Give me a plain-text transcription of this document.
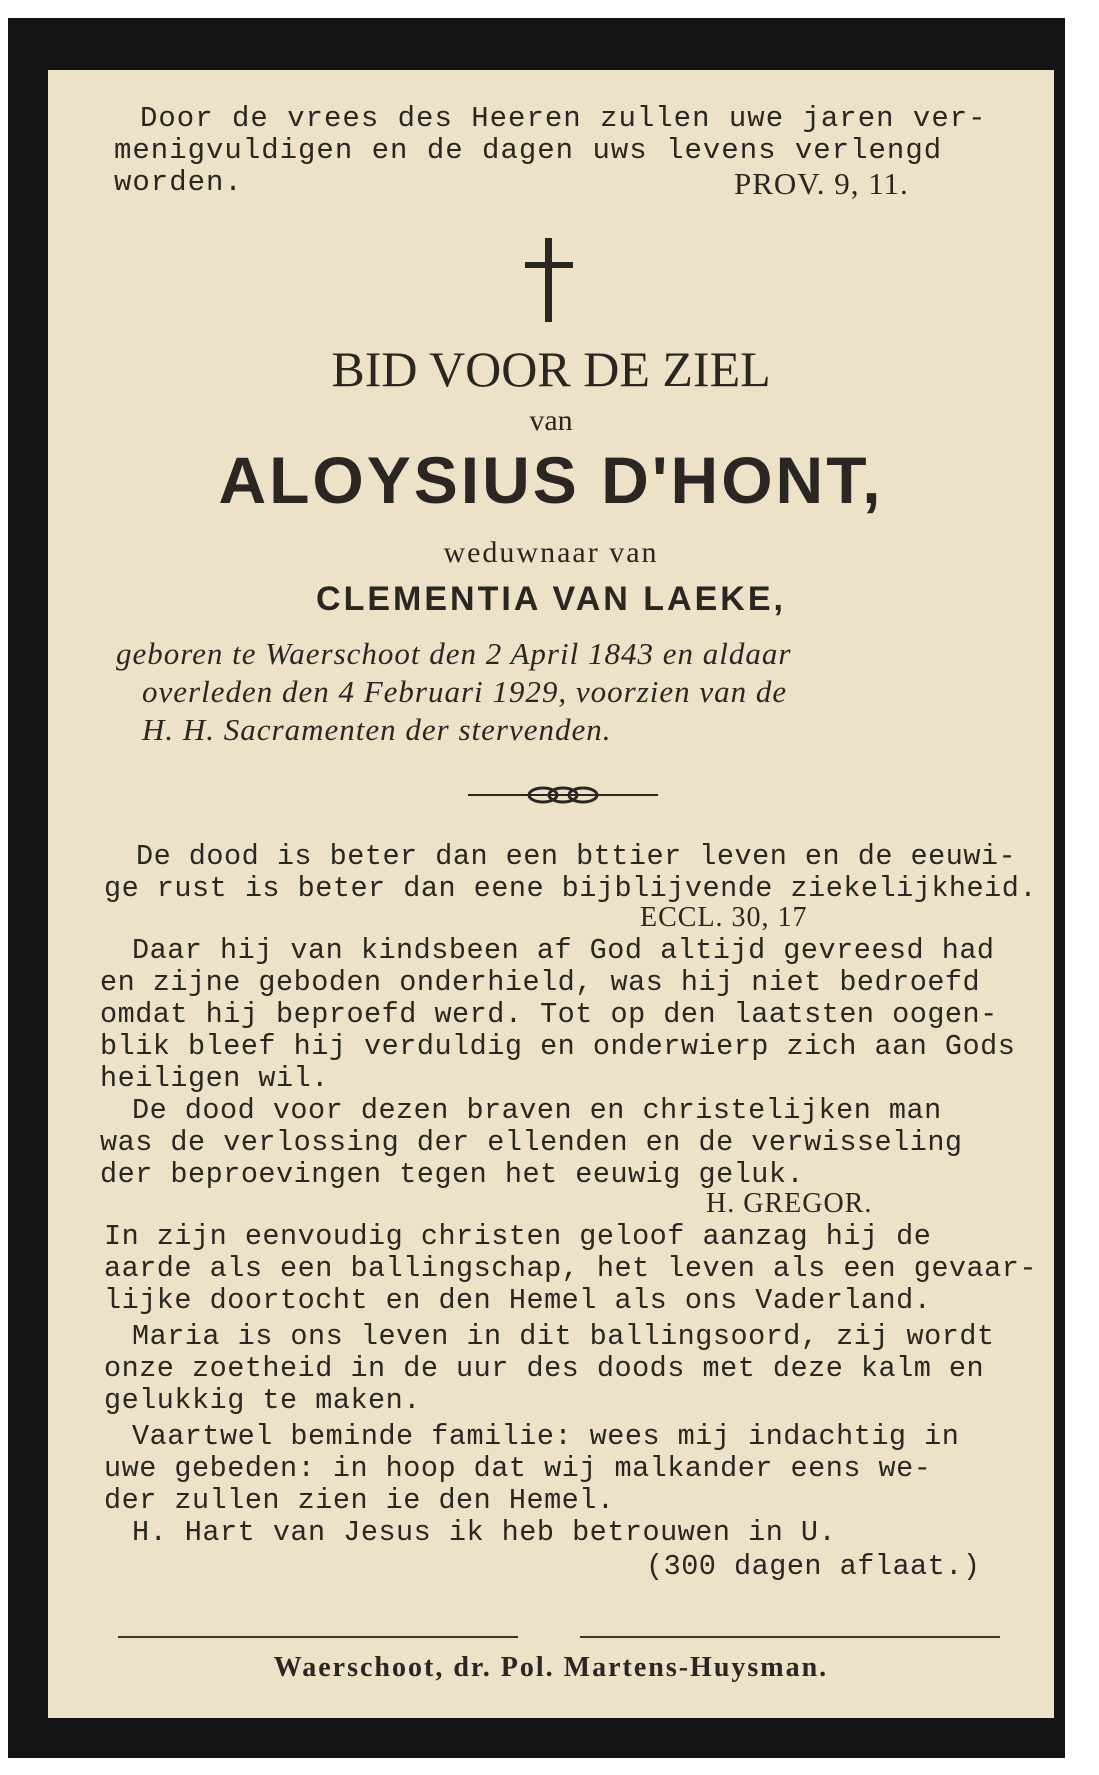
Door de vrees des Heeren zullen uwe jaren ver-
menigvuldigen en de dagen uws levens verlengd
worden.	PROV. 9, 11.
BID VOOR DE ZIEL
van
ALOYSIUS D'HONT,
weduwnaar van
CLEMENTIA VAN LAEKE,
geboren te Waerschoot den 2 April 1843 en aldaar
overleden den 4 Februari 1929, voorzien van de
H. H. Sacramenten der stervenden.
De dood is beter dan een bttier leven en de eeuwi-
ge rust is beter dan eene bijblijvende ziekelijkheid.
ECCL. 30, 17
Daar hij van kindsbeen af God altijd gevreesd had
en zijne geboden onderhield, was hij niet bedroefd
omdat hij beproefd werd. Tot op den laatsten oogen-
blik bleef hij verduldig en onderwierp zich aan Gods
heiligen wil.
De dood voor dezen braven en christelijken man
was de verlossing der ellenden en de verwisseling
der beproevingen tegen het eeuwig geluk.
H. GREGOR.
In zijn eenvoudig christen geloof aanzag hij de
aarde als een ballingschap, het leven als een gevaar-
lijke doortocht en den Hemel als ons Vaderland.
Maria is ons leven in dit ballingsoord, zij wordt
onze zoetheid in de uur des doods met deze kalm en
gelukkig te maken.
Vaartwel beminde familie: wees mij indachtig in
uwe gebeden: in hoop dat wij malkander eens we-
der zullen zien ie den Hemel.
H. Hart van Jesus ik heb betrouwen in U.
(300 dagen aflaat.)
Waerschoot, dr. Pol. Martens-Huysman.
